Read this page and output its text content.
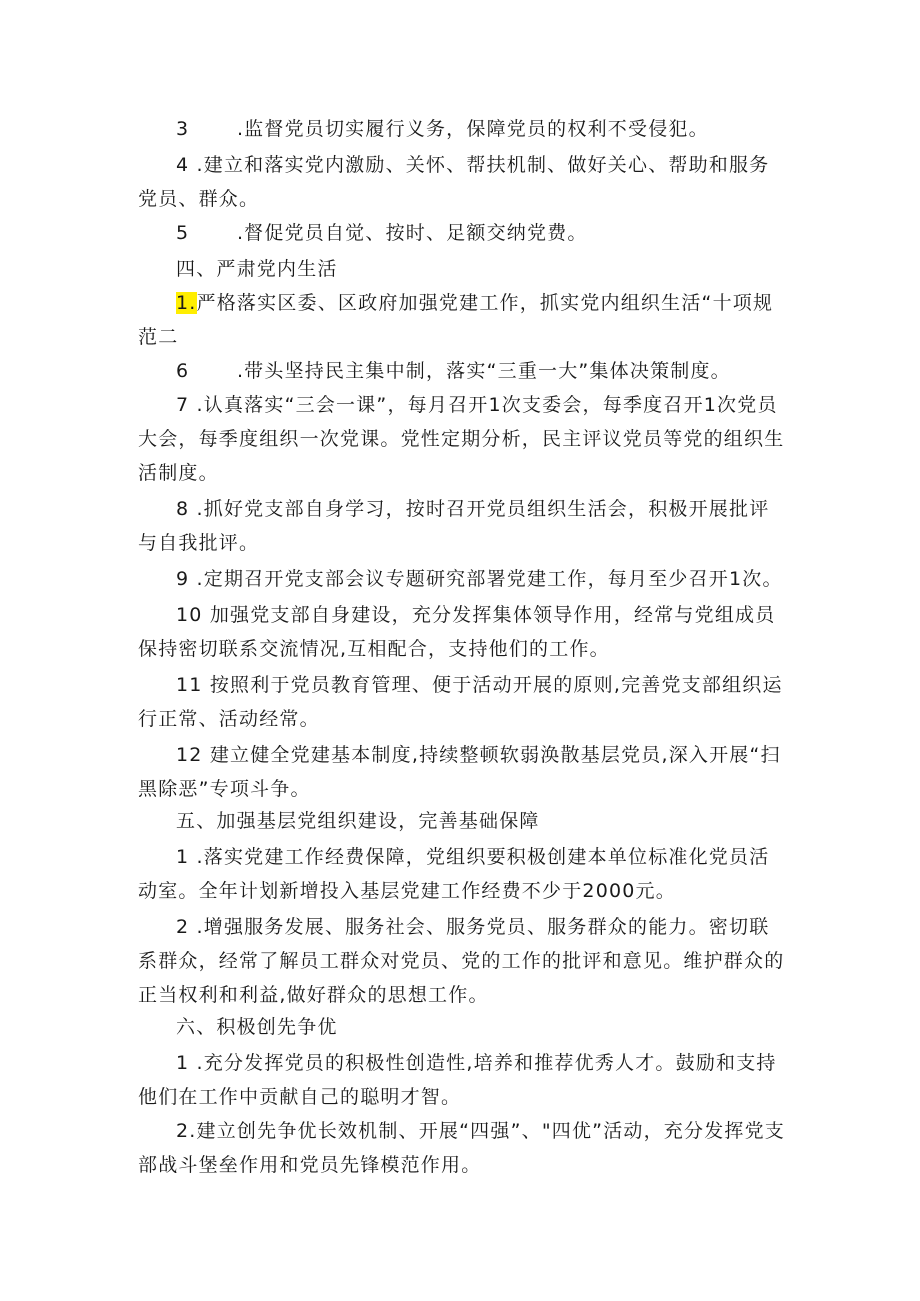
3 　　.监督党员切实履行义务，保障党员的权利不受侵犯。

4 .建立和落实党内激励、关怀、帮扶机制、做好关心、帮助和服务党员、群众。

5 　　.督促党员自觉、按时、足额交纳党费。

四、严肃党内生活

1.严格落实区委、区政府加强党建工作，抓实党内组织生活“十项规范二

6 　　.带头坚持民主集中制，落实“三重一大”集体决策制度。

7 .认真落实“三会一课”，每月召开1次支委会，每季度召开1次党员大会，每季度组织一次党课。党性定期分析，民主评议党员等党的组织生活制度。

8 .抓好党支部自身学习，按时召开党员组织生活会，积极开展批评与自我批评。

9 .定期召开党支部会议专题研究部署党建工作，每月至少召开1次。

10 加强党支部自身建设，充分发挥集体领导作用，经常与党组成员保持密切联系交流情况,互相配合，支持他们的工作。

11 按照利于党员教育管理、便于活动开展的原则,完善党支部组织运行正常、活动经常。

12 建立健全党建基本制度,持续整顿软弱涣散基层党员,深入开展“扫黑除恶”专项斗争。

五、加强基层党组织建设，完善基础保障

1 .落实党建工作经费保障，党组织要积极创建本单位标准化党员活动室。全年计划新增投入基层党建工作经费不少于2000元。

2 .增强服务发展、服务社会、服务党员、服务群众的能力。密切联系群众，经常了解员工群众对党员、党的工作的批评和意见。维护群众的正当权利和利益,做好群众的思想工作。

六、积极创先争优

1 .充分发挥党员的积极性创造性,培养和推荐优秀人才。鼓励和支持他们在工作中贡献自己的聪明才智。

2.建立创先争优长效机制、开展“四强”、"四优”活动，充分发挥党支部战斗堡垒作用和党员先锋模范作用。
